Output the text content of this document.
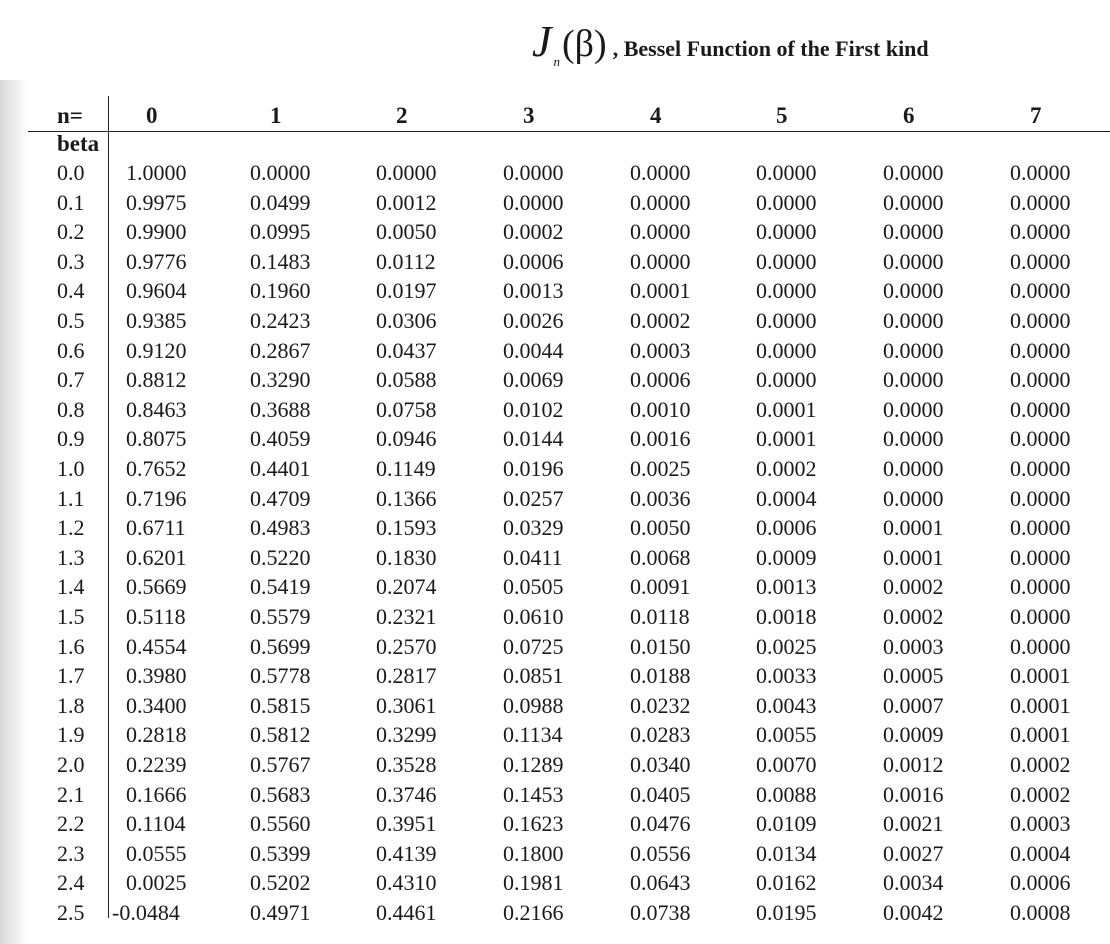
J n (β) , Bessel Function of the First kind
n=
beta
0	1	2	3	4	5	6	7
0.0 1.0000	0.0000	0.0000	0.0000	0.0000	0.0000	0.0000	0.0000
0.1 0.9975	0.0499	0.0012	0.0000	0.0000	0.0000	0.0000	0.0000
0.2 0.9900	0.0995	0.0050	0.0002	0.0000	0.0000	0.0000	0.0000
0.3 0.9776	0.1483	0.0112	0.0006	0.0000	0.0000	0.0000	0.0000
0.4 0.9604	0.1960	0.0197	0.0013	0.0001	0.0000	0.0000	0.0000
0.5 0.9385	0.2423	0.0306	0.0026	0.0002	0.0000	0.0000	0.0000
0.6 0.9120	0.2867	0.0437	0.0044	0.0003	0.0000	0.0000	0.0000
0.7 0.8812	0.3290	0.0588	0.0069	0.0006	0.0000	0.0000	0.0000
0.8 0.8463	0.3688	0.0758	0.0102	0.0010	0.0001	0.0000	0.0000
0.9 0.8075	0.4059	0.0946	0.0144	0.0016	0.0001	0.0000	0.0000
1.0 0.7652	0.4401	0.1149	0.0196	0.0025	0.0002	0.0000	0.0000
1.1 0.7196	0.4709	0.1366	0.0257	0.0036	0.0004	0.0000	0.0000
1.2 0.6711	0.4983	0.1593	0.0329	0.0050	0.0006	0.0001	0.0000
1.3 0.6201	0.5220	0.1830	0.0411	0.0068	0.0009	0.0001	0.0000
1.4 0.5669	0.5419	0.2074	0.0505	0.0091	0.0013	0.0002	0.0000
1.5 0.5118	0.5579	0.2321	0.0610	0.0118	0.0018	0.0002	0.0000
1.6 0.4554	0.5699	0.2570	0.0725	0.0150	0.0025	0.0003	0.0000
1.7 0.3980	0.5778	0.2817	0.0851	0.0188	0.0033	0.0005	0.0001
1.8 0.3400	0.5815	0.3061	0.0988	0.0232	0.0043	0.0007	0.0001
1.9 0.2818	0.5812	0.3299	0.1134	0.0283	0.0055	0.0009	0.0001
2.0 0.2239	0.5767	0.3528	0.1289	0.0340	0.0070	0.0012	0.0002
2.1 0.1666	0.5683	0.3746	0.1453	0.0405	0.0088	0.0016	0.0002
2.2 0.1104	0.5560	0.3951	0.1623	0.0476	0.0109	0.0021	0.0003
2.3 0.0555	0.5399	0.4139	0.1800	0.0556	0.0134	0.0027	0.0004
2.4 0.0025	0.5202	0.4310	0.1981	0.0643	0.0162	0.0034	0.0006
2.5 -0.0484	0.4971	0.4461	0.2166	0.0738	0.0195	0.0042	0.0008
